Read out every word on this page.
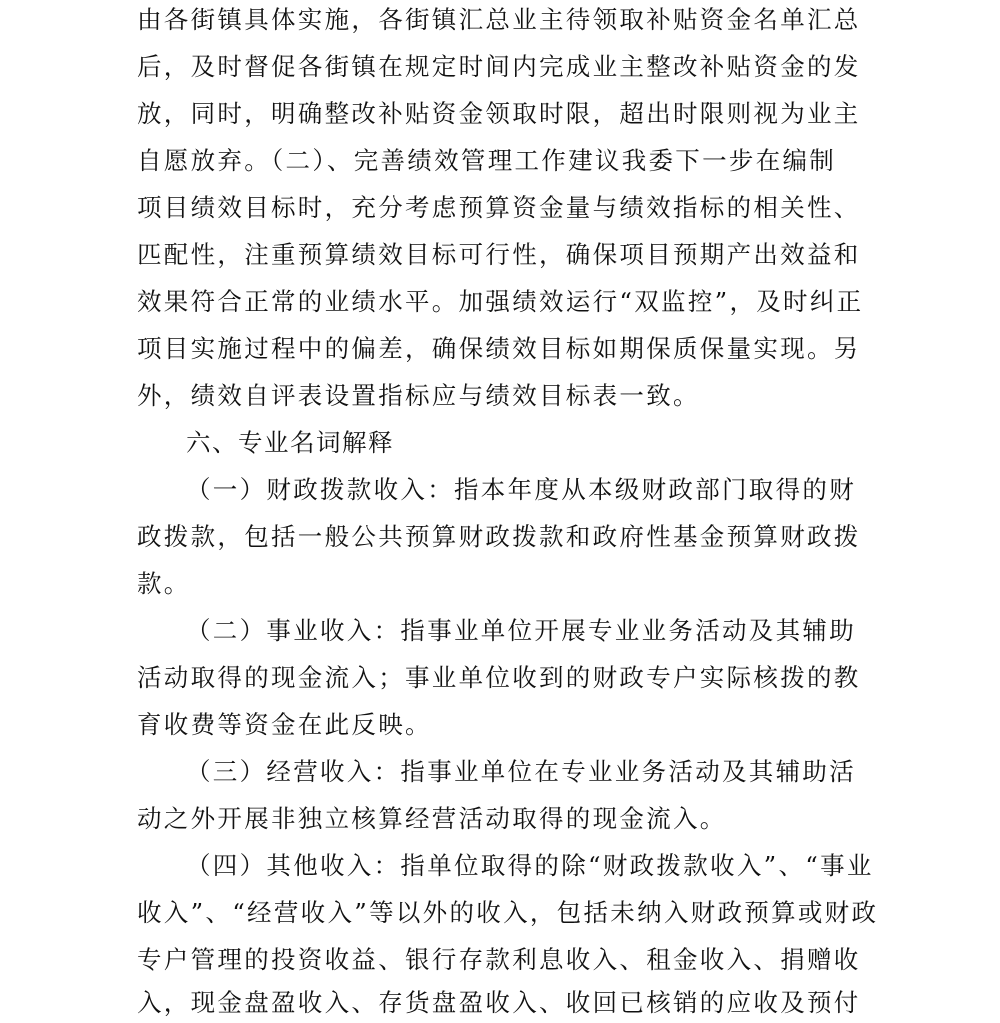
由各街镇具体实施，各街镇汇总业主待领取补贴资金名单汇总
后，及时督促各街镇在规定时间内完成业主整改补贴资金的发
放，同时，明确整改补贴资金领取时限，超出时限则视为业主
自愿放弃。（二）、完善绩效管理工作建议我委下一步在编制
项目绩效目标时，充分考虑预算资金量与绩效指标的相关性、
匹配性，注重预算绩效目标可行性，确保项目预期产出效益和
效果符合正常的业绩水平。加强绩效运行“双监控”，及时纠正
项目实施过程中的偏差，确保绩效目标如期保质保量实现。另
外，绩效自评表设置指标应与绩效目标表一致。
六、专业名词解释
（一）财政拨款收入：指本年度从本级财政部门取得的财
政拨款，包括一般公共预算财政拨款和政府性基金预算财政拨
款。
（二）事业收入：指事业单位开展专业业务活动及其辅助
活动取得的现金流入；事业单位收到的财政专户实际核拨的教
育收费等资金在此反映。
（三）经营收入：指事业单位在专业业务活动及其辅助活
动之外开展非独立核算经营活动取得的现金流入。
（四）其他收入：指单位取得的除“财政拨款收入”、“事业
收入”、“经营收入”等以外的收入，包括未纳入财政预算或财政
专户管理的投资收益、银行存款利息收入、租金收入、捐赠收
入，现金盘盈收入、存货盘盈收入、收回已核销的应收及预付
